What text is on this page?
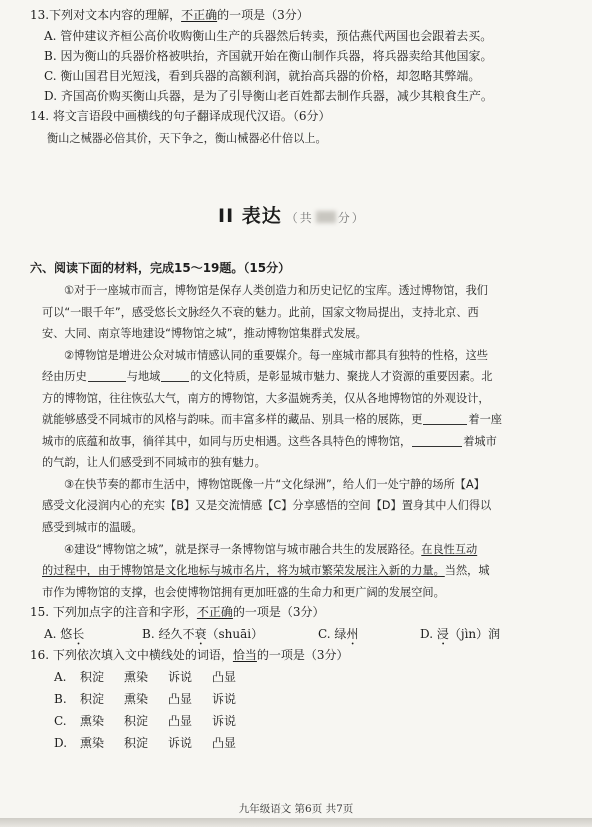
13.下列对文本内容的理解，不正确的一项是（3分）
A. 管仲建议齐桓公高价收购衡山生产的兵器然后转卖，预估燕代两国也会跟着去买。
B. 因为衡山的兵器价格被哄抬，齐国就开始在衡山制作兵器，将兵器卖给其他国家。
C. 衡山国君目光短浅，看到兵器的高额利润，就抬高兵器的价格，却忽略其弊端。
D. 齐国高价购买衡山兵器，是为了引导衡山老百姓都去制作兵器，减少其粮食生产。
14. 将文言语段中画横线的句子翻译成现代汉语。（6分）
衡山之械器必倍其价，天下争之，衡山械器必什倍以上。
II 表达 （共 分）
六、阅读下面的材料，完成15～19题。（15分）
①对于一座城市而言，博物馆是保存人类创造力和历史记忆的宝库。透过博物馆，我们
可以“一眼千年”，感受悠长文脉经久不衰的魅力。此前，国家文物局提出，支持北京、西
安、大同、南京等地建设“博物馆之城”，推动博物馆集群式发展。
②博物馆是增进公众对城市情感认同的重要媒介。每一座城市都具有独特的性格，这些
经由历史	与地域	的文化特质，是彰显城市魅力、聚拢人才资源的重要因素。北
方的博物馆，往往恢弘大气，南方的博物馆，大多温婉秀美，仅从各地博物馆的外观设计，
就能够感受不同城市的风格与韵味。而丰富多样的藏品、别具一格的展陈，更	着一座
城市的底蕴和故事，徜徉其中，如同与历史相遇。这些各具特色的博物馆，	着城市
的气韵，让人们感受到不同城市的独有魅力。
③在快节奏的都市生活中，博物馆既像一片“文化绿洲”，给人们一处宁静的场所【A】
感受文化浸润内心的充实【B】又是交流情感【C】分享感悟的空间【D】置身其中人们得以
感受到城市的温暖。
④建设“博物馆之城”，就是探寻一条博物馆与城市融合共生的发展路径。在良性互动
的过程中，由于博物馆是文化地标与城市名片，将为城市繁荣发展注入新的力量。当然，城
市作为博物馆的支撑，也会使博物馆拥有更加旺盛的生命力和更广阔的发展空间。
15. 下列加点字的注音和字形，不正确的一项是（3分）
A. 悠长	B. 经久不衰（shuāi）	C. 绿州	D. 浸（jìn）润
16. 下列依次填入文中横线处的词语，恰当的一项是（3分）
A. 积淀 熏染 诉说 凸显
B. 积淀 熏染 凸显 诉说
C. 熏染 积淀 凸显 诉说
D. 熏染 积淀 诉说 凸显
九年级语文 第6页 共7页
